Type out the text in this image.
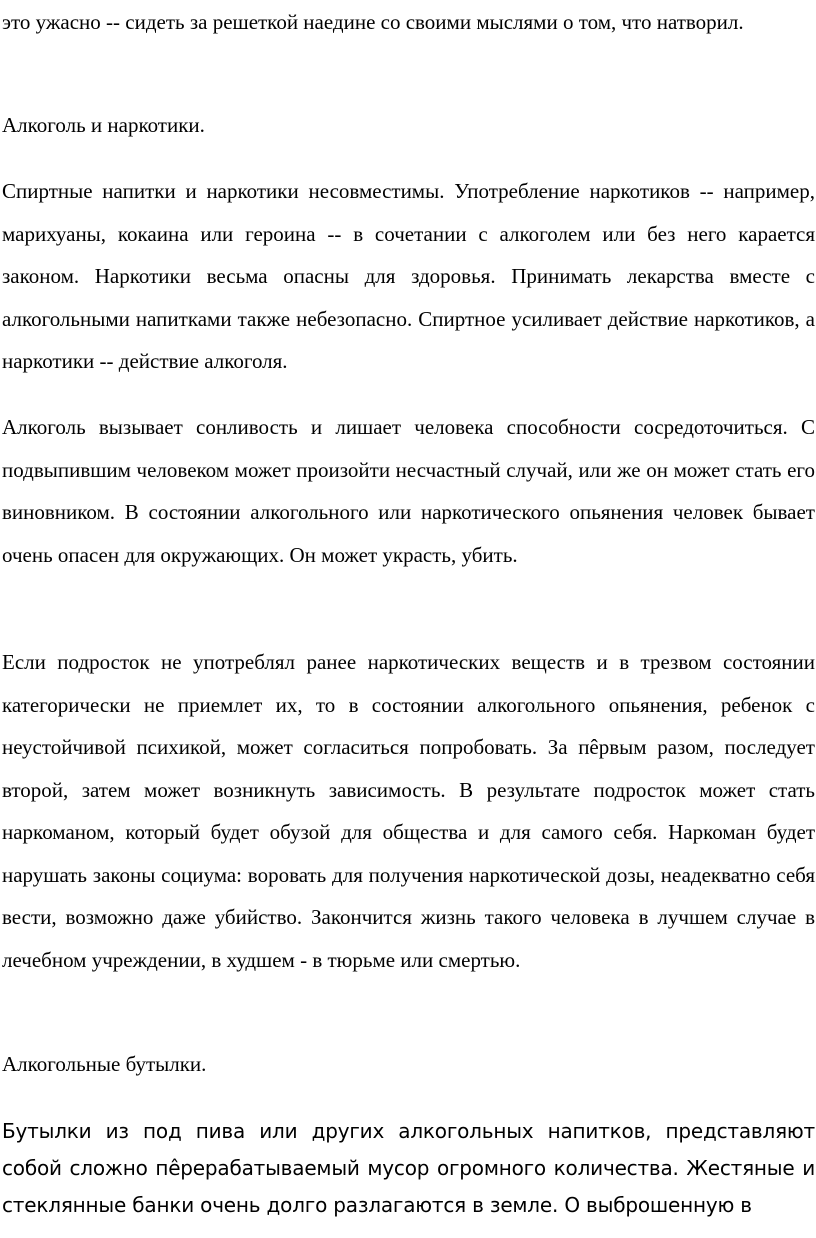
это ужасно -- сидеть за решеткой наедине со своими мыслями о том, что натворил.

Алкоголь и наркотики.

Спиртные напитки и наркотики несовместимы. Употребление наркотиков -- например, марихуаны, кокаина или героина -- в сочетании с алкоголем или без него карается законом. Наркотики весьма опасны для здоровья. Принимать лекарства вместе с алкогольными напитками также небезопасно. Спиртное усиливает действие наркотиков, а наркотики -- действие алкоголя.

Алкоголь вызывает сонливость и лишает человека способности сосредоточиться. С подвыпившим человеком может произойти несчастный случай, или же он может стать его виновником. В состоянии алкогольного или наркотического опьянения человек бывает очень опасен для окружающих. Он может украсть, убить.

Если подросток не употреблял ранее наркотических веществ и в трезвом состоянии категорически не приемлет их, то в состоянии алкогольного опьянения, ребенок с неустойчивой психикой, может согласиться попробовать. За пêрвым разом, последует второй, затем может возникнуть зависимость. В результате подросток может стать наркоманом, который будет обузой для общества и для самого себя. Наркоман будет нарушать законы социума: воровать для получения наркотической дозы, неадекватно себя вести, возможно даже убийство. Закончится жизнь такого человека в лучшем случае в лечебном учреждении, в худшем - в тюрьме или смертью.

Алкогольные бутылки.

Бутылки из под пива или других алкогольных напитков, представляют собой сложно пêрерабатываемый мусор огромного количества. Жестяные и стеклянные банки очень долго разлагаются в земле. О выброшенную в
